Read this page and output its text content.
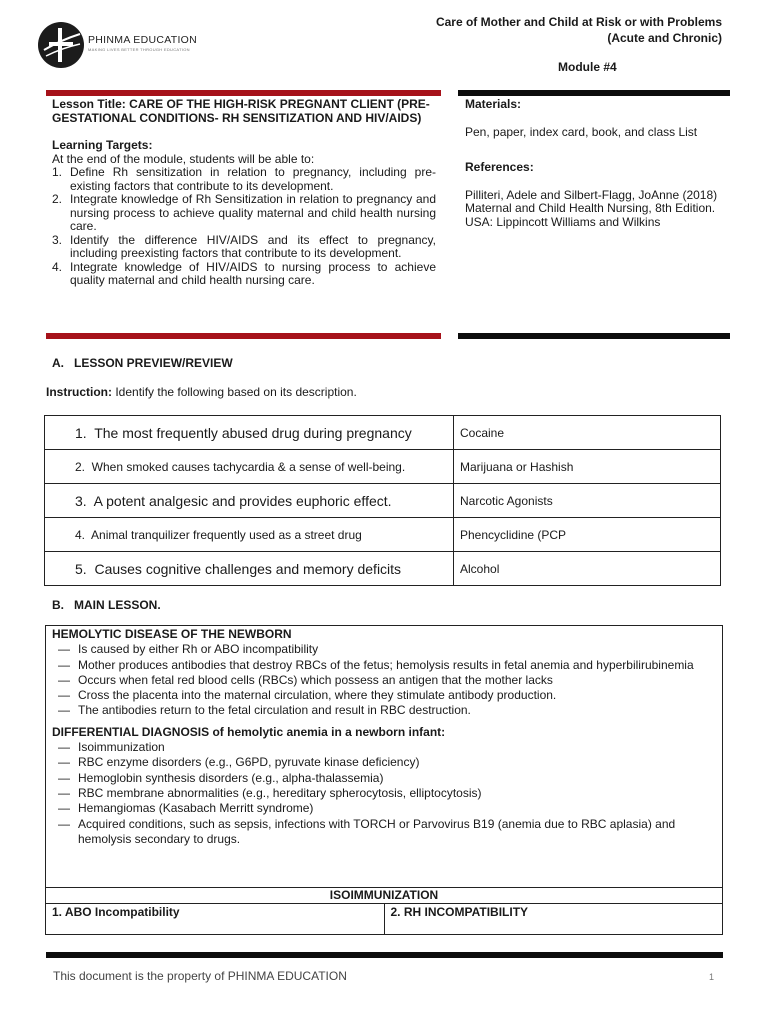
PHINMA EDUCATION
MAKING LIVES BETTER THROUGH EDUCATION
Care of Mother and Child at Risk or with Problems (Acute and Chronic)
Module #4
Lesson Title: CARE OF THE HIGH-RISK PREGNANT CLIENT (PRE-GESTATIONAL CONDITIONS- RH SENSITIZATION AND HIV/AIDS)
Learning Targets:
At the end of the module, students will be able to:
1. Define Rh sensitization in relation to pregnancy, including pre-existing factors that contribute to its development.
2. Integrate knowledge of Rh Sensitization in relation to pregnancy and nursing process to achieve quality maternal and child health nursing care.
3. Identify the difference HIV/AIDS and its effect to pregnancy, including preexisting factors that contribute to its development.
4. Integrate knowledge of HIV/AIDS to nursing process to achieve quality maternal and child health nursing care.
Materials:
Pen, paper, index card, book, and class List
References:
Pilliteri, Adele and Silbert-Flagg, JoAnne (2018) Maternal and Child Health Nursing, 8th Edition. USA: Lippincott Williams and Wilkins
A.   LESSON PREVIEW/REVIEW
Instruction: Identify the following based on its description.
1.  The most frequently abused drug during pregnancy	Cocaine
2.  When smoked causes tachycardia & a sense of well-being.	Marijuana or Hashish
3.  A potent analgesic and provides euphoric effect.	Narcotic Agonists
4.  Animal tranquilizer frequently used as a street drug	Phencyclidine (PCP
5.  Causes cognitive challenges and memory deficits	Alcohol
B.   MAIN LESSON.
HEMOLYTIC DISEASE OF THE NEWBORN
— Is caused by either Rh or ABO incompatibility
— Mother produces antibodies that destroy RBCs of the fetus; hemolysis results in fetal anemia and hyperbilirubinemia
— Occurs when fetal red blood cells (RBCs) which possess an antigen that the mother lacks
— Cross the placenta into the maternal circulation, where they stimulate antibody production.
— The antibodies return to the fetal circulation and result in RBC destruction.
DIFFERENTIAL DIAGNOSIS of hemolytic anemia in a newborn infant:
— Isoimmunization
— RBC enzyme disorders (e.g., G6PD, pyruvate kinase deficiency)
— Hemoglobin synthesis disorders (e.g., alpha-thalassemia)
— RBC membrane abnormalities (e.g., hereditary spherocytosis, elliptocytosis)
— Hemangiomas (Kasabach Merritt syndrome)
— Acquired conditions, such as sepsis, infections with TORCH or Parvovirus B19 (anemia due to RBC aplasia) and hemolysis secondary to drugs.
ISOIMMUNIZATION
1. ABO Incompatibility	2. RH INCOMPATIBILITY
This document is the property of PHINMA EDUCATION	1
